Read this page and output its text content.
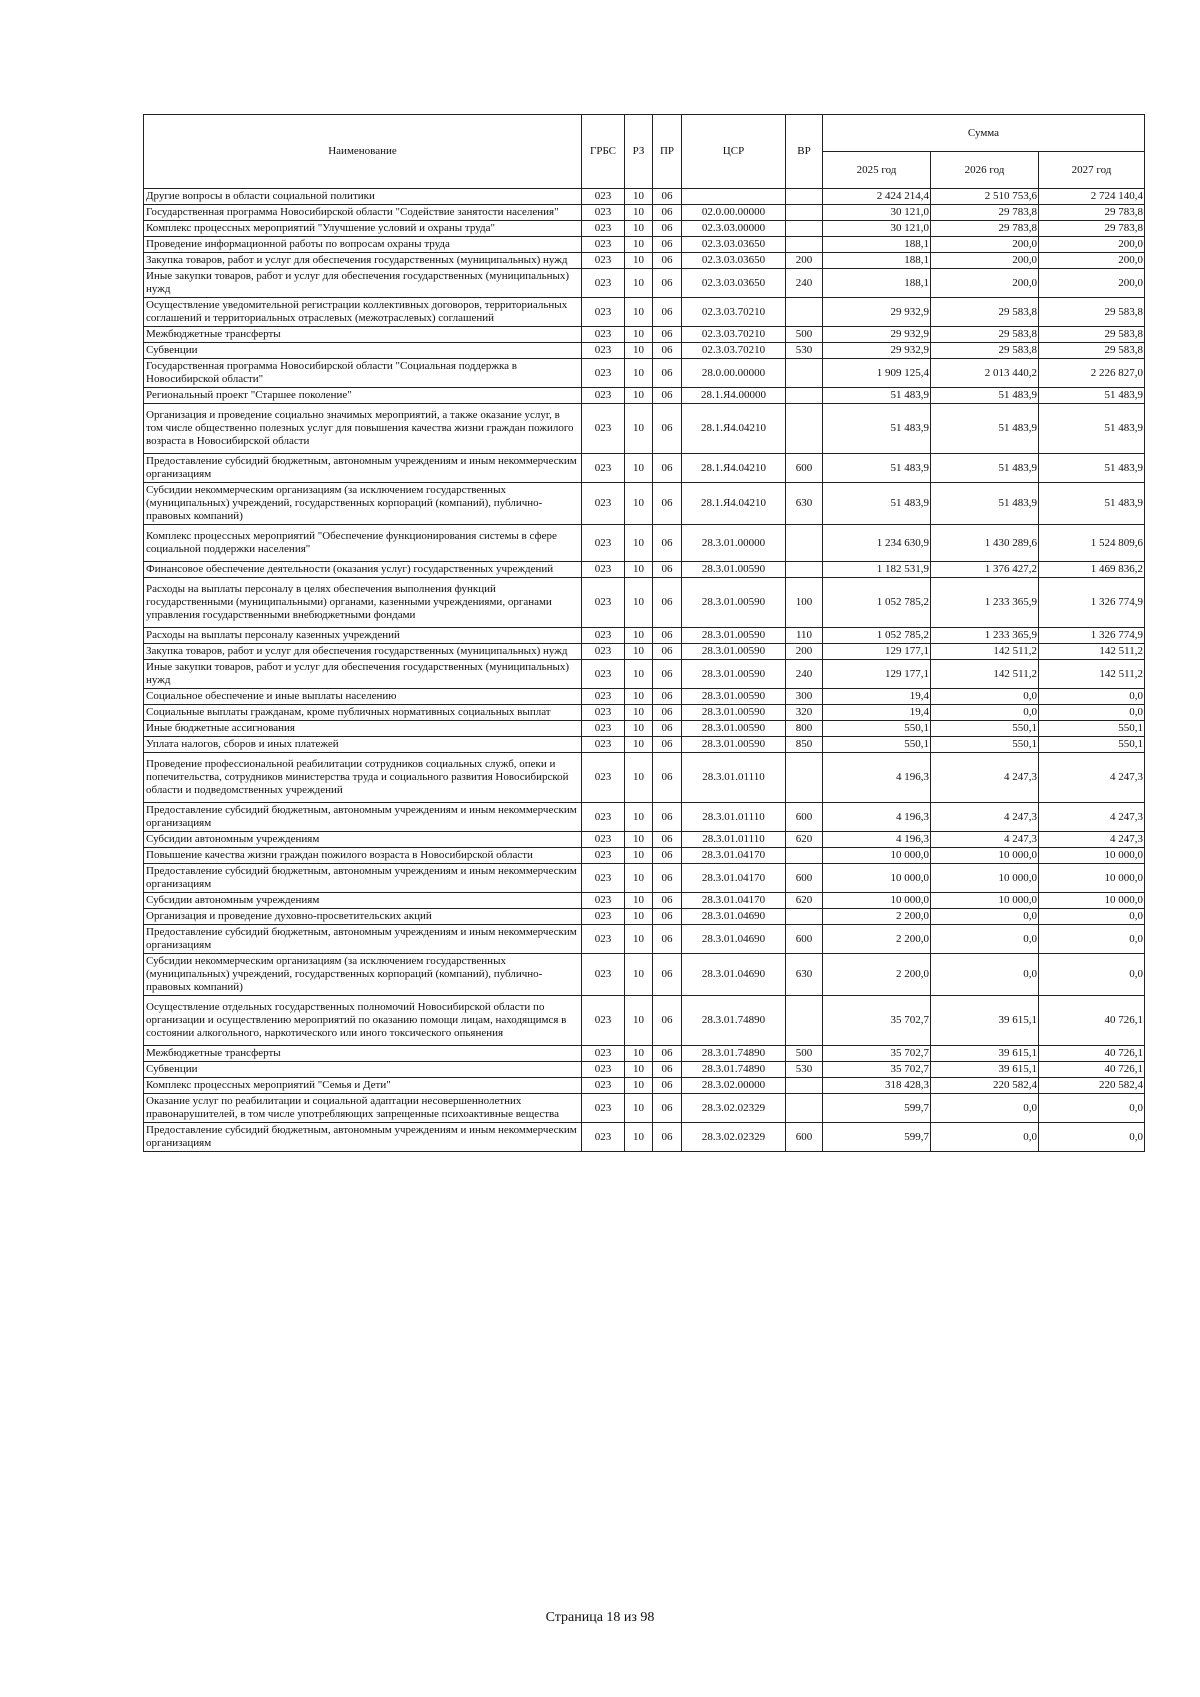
Наименование	ГРБС	РЗ	ПР	ЦСР	ВР	Сумма		
						2025 год	2026 год	2027 год
Другие вопросы в области социальной политики	023	10	06			2 424 214,4	2 510 753,6	2 724 140,4
Государственная программа Новосибирской области "Содействие занятости населения"	023	10	06	02.0.00.00000		30 121,0	29 783,8	29 783,8
Комплекс процессных мероприятий "Улучшение условий и охраны труда"	023	10	06	02.3.03.00000		30 121,0	29 783,8	29 783,8
Проведение информационной работы по вопросам охраны труда	023	10	06	02.3.03.03650		188,1	200,0	200,0
Закупка товаров, работ и услуг для обеспечения государственных (муниципальных) нужд	023	10	06	02.3.03.03650	200	188,1	200,0	200,0
Иные закупки товаров, работ и услуг для обеспечения государственных (муниципальных) нужд	023	10	06	02.3.03.03650	240	188,1	200,0	200,0
Осуществление уведомительной регистрации коллективных договоров, территориальных соглашений и территориальных отраслевых (межотраслевых) соглашений	023	10	06	02.3.03.70210		29 932,9	29 583,8	29 583,8
Межбюджетные трансферты	023	10	06	02.3.03.70210	500	29 932,9	29 583,8	29 583,8
Субвенции	023	10	06	02.3.03.70210	530	29 932,9	29 583,8	29 583,8
Государственная программа Новосибирской области "Социальная поддержка в Новосибирской области"	023	10	06	28.0.00.00000		1 909 125,4	2 013 440,2	2 226 827,0
Региональный проект "Старшее поколение"	023	10	06	28.1.Я4.00000		51 483,9	51 483,9	51 483,9
Организация и проведение социально значимых мероприятий, а также оказание услуг, в том числе общественно полезных услуг для повышения качества жизни граждан пожилого возраста в Новосибирской области	023	10	06	28.1.Я4.04210		51 483,9	51 483,9	51 483,9
Предоставление субсидий бюджетным, автономным учреждениям и иным некоммерческим организациям	023	10	06	28.1.Я4.04210	600	51 483,9	51 483,9	51 483,9
Субсидии некоммерческим организациям (за исключением государственных (муниципальных) учреждений, государственных корпораций (компаний), публично-правовых компаний)	023	10	06	28.1.Я4.04210	630	51 483,9	51 483,9	51 483,9
Комплекс процессных мероприятий "Обеспечение функционирования системы в сфере социальной поддержки населения"	023	10	06	28.3.01.00000		1 234 630,9	1 430 289,6	1 524 809,6
Финансовое обеспечение деятельности (оказания услуг) государственных учреждений	023	10	06	28.3.01.00590		1 182 531,9	1 376 427,2	1 469 836,2
Расходы на выплаты персоналу в целях обеспечения выполнения функций государственными (муниципальными) органами, казенными учреждениями, органами управления государственными внебюджетными фондами	023	10	06	28.3.01.00590	100	1 052 785,2	1 233 365,9	1 326 774,9
Расходы на выплаты персоналу казенных учреждений	023	10	06	28.3.01.00590	110	1 052 785,2	1 233 365,9	1 326 774,9
Закупка товаров, работ и услуг для обеспечения государственных (муниципальных) нужд	023	10	06	28.3.01.00590	200	129 177,1	142 511,2	142 511,2
Иные закупки товаров, работ и услуг для обеспечения государственных (муниципальных) нужд	023	10	06	28.3.01.00590	240	129 177,1	142 511,2	142 511,2
Социальное обеспечение и иные выплаты населению	023	10	06	28.3.01.00590	300	19,4	0,0	0,0
Социальные выплаты гражданам, кроме публичных нормативных социальных выплат	023	10	06	28.3.01.00590	320	19,4	0,0	0,0
Иные бюджетные ассигнования	023	10	06	28.3.01.00590	800	550,1	550,1	550,1
Уплата налогов, сборов и иных платежей	023	10	06	28.3.01.00590	850	550,1	550,1	550,1
Проведение профессиональной реабилитации сотрудников социальных служб, опеки и попечительства, сотрудников министерства труда и социального развития Новосибирской области и подведомственных учреждений	023	10	06	28.3.01.01110		4 196,3	4 247,3	4 247,3
Предоставление субсидий бюджетным, автономным учреждениям и иным некоммерческим организациям	023	10	06	28.3.01.01110	600	4 196,3	4 247,3	4 247,3
Субсидии автономным учреждениям	023	10	06	28.3.01.01110	620	4 196,3	4 247,3	4 247,3
Повышение качества жизни граждан пожилого возраста в Новосибирской области	023	10	06	28.3.01.04170		10 000,0	10 000,0	10 000,0
Предоставление субсидий бюджетным, автономным учреждениям и иным некоммерческим организациям	023	10	06	28.3.01.04170	600	10 000,0	10 000,0	10 000,0
Субсидии автономным учреждениям	023	10	06	28.3.01.04170	620	10 000,0	10 000,0	10 000,0
Организация и проведение духовно-просветительских акций	023	10	06	28.3.01.04690		2 200,0	0,0	0,0
Предоставление субсидий бюджетным, автономным учреждениям и иным некоммерческим организациям	023	10	06	28.3.01.04690	600	2 200,0	0,0	0,0
Субсидии некоммерческим организациям (за исключением государственных (муниципальных) учреждений, государственных корпораций (компаний), публично-правовых компаний)	023	10	06	28.3.01.04690	630	2 200,0	0,0	0,0
Осуществление отдельных государственных полномочий Новосибирской области по организации и осуществлению мероприятий по оказанию помощи лицам, находящимся в состоянии алкогольного, наркотического или иного токсического опьянения	023	10	06	28.3.01.74890		35 702,7	39 615,1	40 726,1
Межбюджетные трансферты	023	10	06	28.3.01.74890	500	35 702,7	39 615,1	40 726,1
Субвенции	023	10	06	28.3.01.74890	530	35 702,7	39 615,1	40 726,1
Комплекс процессных мероприятий "Семья и Дети"	023	10	06	28.3.02.00000		318 428,3	220 582,4	220 582,4
Оказание услуг по реабилитации и социальной адаптации несовершеннолетних правонарушителей, в том числе употребляющих запрещенные психоактивные вещества	023	10	06	28.3.02.02329		599,7	0,0	0,0
Предоставление субсидий бюджетным, автономным учреждениям и иным некоммерческим организациям	023	10	06	28.3.02.02329	600	599,7	0,0	0,0
Страница 18 из 98
